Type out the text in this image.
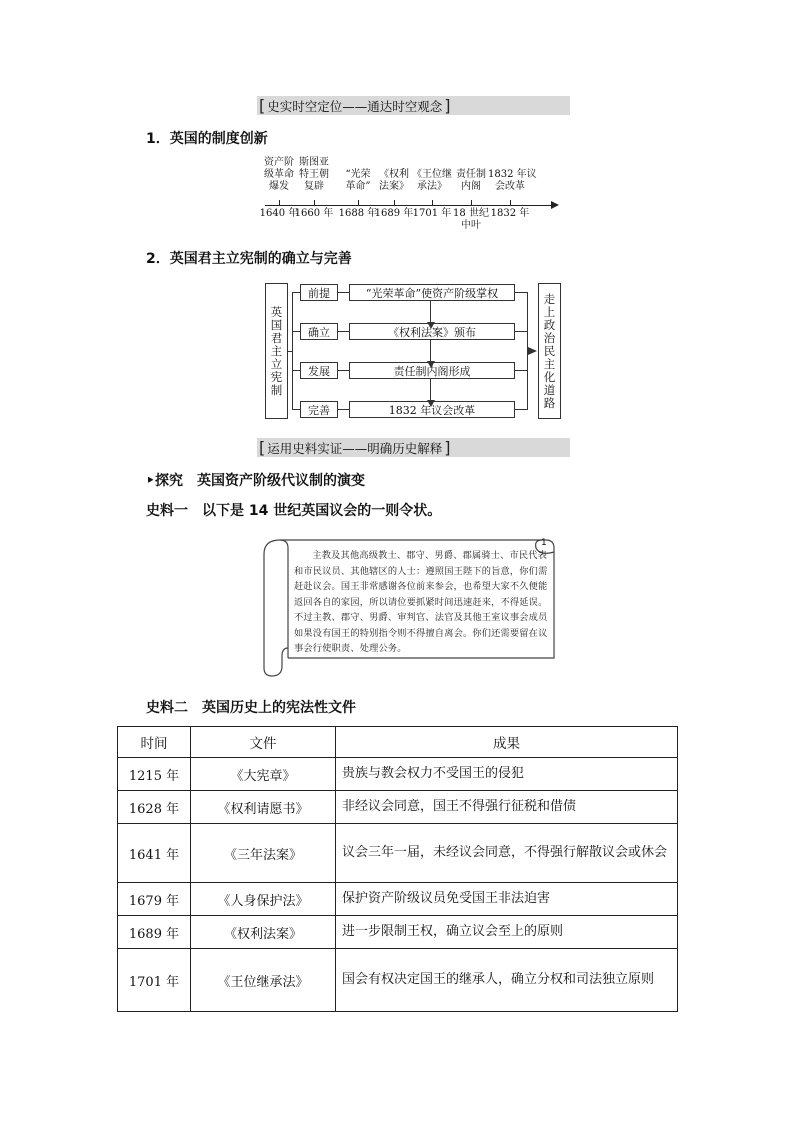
[ 史实时空定位——通达时空观念 ]
1．英国的制度创新
资产阶
级革命
爆发
1640 年
斯图亚
特王朝
复辟
1660 年
“光荣
革命”
1688 年
《权利
法案》
1689 年
《王位继
承法》
1701 年
责任制
内阁
18 世纪
中叶
1832 年议
会改革
1832 年
2．英国君主立宪制的确立与完善
英国君主立宪制
走上政治民主化道路
前提	“光荣革命”使资产阶级掌权
确立	《权利法案》颁布
发展	责任制内阁形成
完善	1832 年议会改革
[ 运用史料实证——明确历史解释 ]
‣探究　英国资产阶级代议制的演变
史料一　以下是 14 世纪英国议会的一则令状。
1
主教及其他高级教士、郡守、男爵、郡属骑士、市民代表和市民议员、其他辖区的人士：遵照国王陛下的旨意，你们需赶赴议会。国王非常感谢各位前来参会，也希望大家不久便能返回各自的家园，所以请位要抓紧时间迅速赶来，不得延误。不过主教、郡守、男爵、审判官、法官及其他王室议事会成员如果没有国王的特别指令则不得擅自离会。你们还需要留在议事会行使职责、处理公务。
史料二　英国历史上的宪法性文件
时间	文件	成果
1215 年	《大宪章》	贵族与教会权力不受国王的侵犯
1628 年	《权利请愿书》	非经议会同意，国王不得强行征税和借债
1641 年	《三年法案》	议会三年一届，未经议会同意，不得强行解散议会或休会
1679 年	《人身保护法》	保护资产阶级议员免受国王非法迫害
1689 年	《权利法案》	进一步限制王权，确立议会至上的原则
1701 年	《王位继承法》	国会有权决定国王的继承人，确立分权和司法独立原则
